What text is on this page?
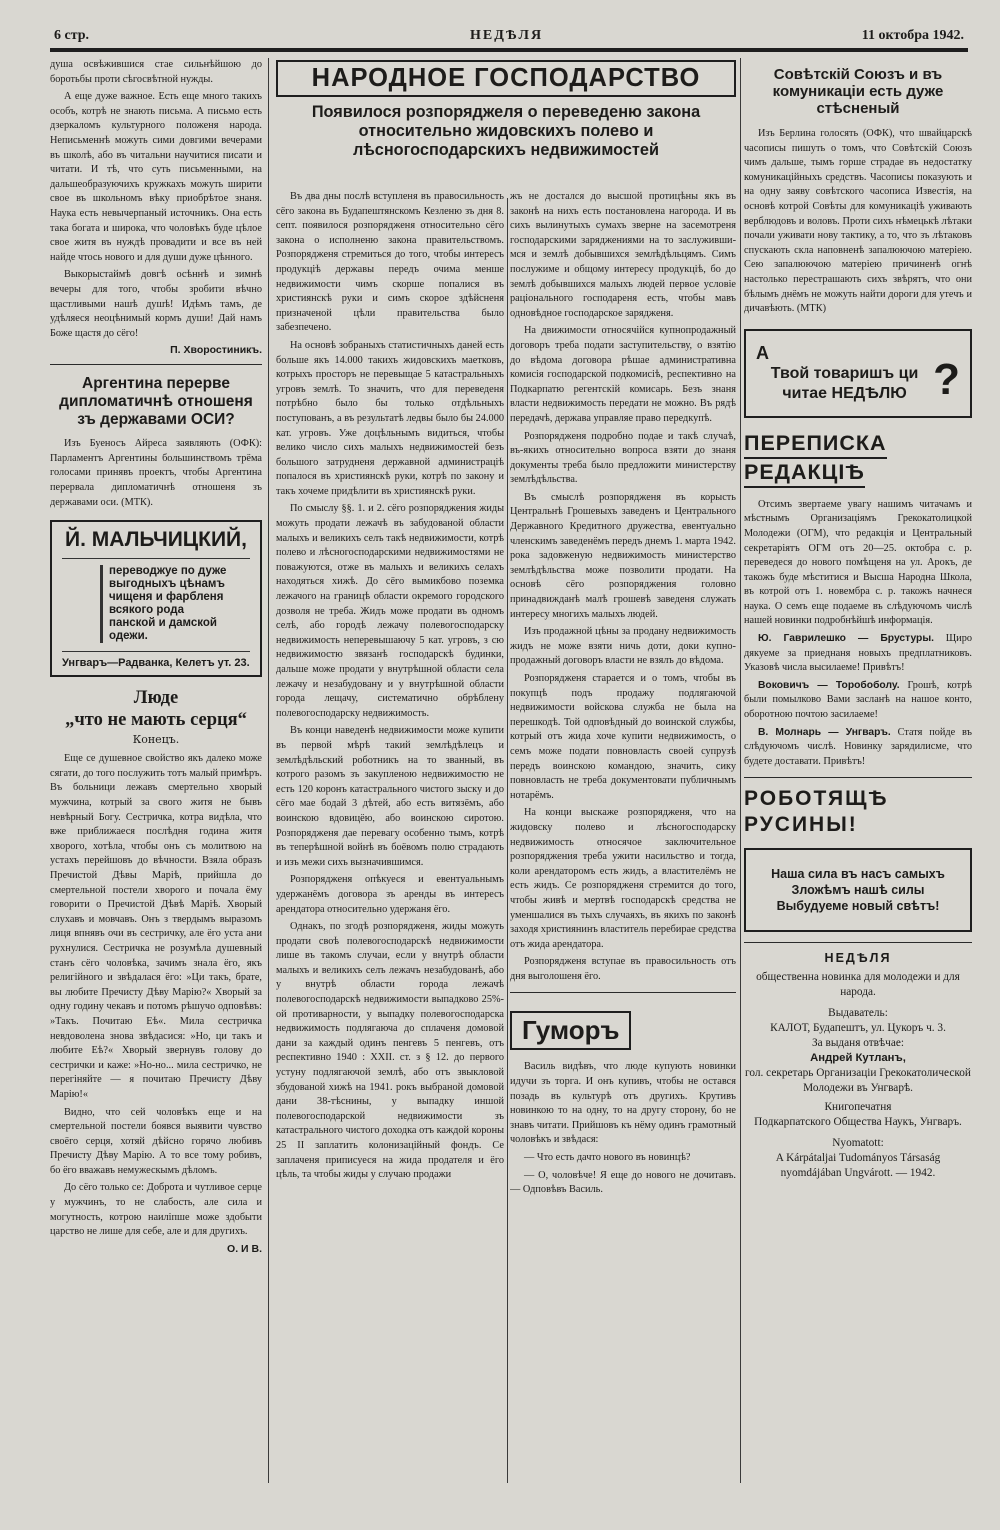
6 стр.	НЕДѢЛЯ	11 октобра 1942.

душа освѣжившися стае сильнѣйшою до боротьбы проти сѣгосвѣтной нужды.

А еще дуже важное. Есть еще много такихъ особъ, котрѣ не знають письма. А письмо есть дзеркаломъ культурного положеня народа. Неписьменнѣ можуть сими довгими вечерами въ школѣ, або въ читальни научитися писати и читати. И тѣ, что суть письменными, на дальшеобразуючихъ кружкахъ можуть ширити свое въ школьномъ вѣку приобрѣтое знаня. Наука есть невычерпаный источникъ. Она есть така богата и широка, что чоловѣкъ буде цѣлое свое житя въ нуждѣ провадити и все въ ней найде чтось нового и для души дуже цѣнного.

Выкорыстаймѣ довгѣ осѣннѣ и зимнѣ вечеры для того, чтобы зробити вѣчно щастливыми нашѣ душѣ! Идѣмъ тамъ, де удѣляеся неоцѣнимый кормъ души! Дай намъ Боже щастя до сёго!

П. Хворостиникъ.

Аргентина перерве дипломатичнѣ отношеня зъ державами ОСИ?

Изъ Буеносъ Айреса заявляють (ОФК): Парламентъ Аргентины большинствомъ трёма голосами принявъ проектъ, чтобы Аргентина перервала дипломатичнѣ отношеня зъ державами оси. (МТК).

Й. МАЛЬЧИЦКИЙ,
переводжуе по дуже выгодныхъ цѣнамъ чищеня и фарбленя всякого рода панской и дамской одежи.
Унгваръ—Радванка, Келетъ ут. 23.
Люде
„что не мають серця“
Конецъ.

Еще се душевное свойство якъ далеко може сягати, до того послужить тотъ малый примѣръ. Въ больници лежавъ смертельно хворый мужчина, котрый за свого житя не бывъ невѣрный Богу. Сестричка, котра видѣла, что вже приближаеся послѣдня година житя хворого, хотѣла, чтобы онъ съ молитвою на устахъ перейшовъ до вѣчности. Взяла образъ Пречистой Дѣвы Марiѣ, прийшла до смертельной постели хворого и почала ёму говорити о Пречистой Дѣвѣ Марiѣ. Хворый слухавъ и мовчавъ. Онъ з твердымъ выразомъ лиця впнявъ очи въ сестричку, але ёго уста ани рухнулися. Сестричка не розумѣла душевный станъ сёго чоловѣка, зачимъ знала ёго, якъ религiйного и звѣдалася ёго: »Ци такъ, брате, вы любите Пречисту Дѣву Марiю?« Хворый за одну годину чекавъ и потомъ рѣшучо одповѣвъ: »Такъ. Почитаю Еѣ«. Мила сестричка невдоволена знова звѣдасися: »Но, ци такъ и любите Еѣ?« Хворый звернувъ голову до сестрички и каже: »Но-но... мила сестричко, не перегiняйте — я почитаю Пречисту Дѣву Марiю!«

Видно, что сей чоловѣкъ еще и на смертельной постели боявся выявити чувство своёго серця, хотяй дѣйсно горячо любивъ Пречисту Дѣву Марiю. А то все тому робивъ, бо ёго вважавъ немужескымъ дѣломъ.

До сёго только се: Доброта и чутливое серце у мужчинъ, то не слабость, але сила и могутность, котрою наилiпше може здобыти царство не лише для себе, але и для другихъ.

О. И В.

НАРОДНОЕ ГОСПОДАРСТВО
Появилося розпоряджеля о переведеню закона относительно жидовскихъ полево и лѣсногосподарскихъ недвижимостей

Въ два дны послѣ вступленя въ правосильность сёго закона въ Будапештянскомъ Кезленю зъ дня 8. септ. появилося розпорядженя относительно сёго закона о исполненю закона правительствомъ. Розпорядженя стремиться до того, чтобы интересъ продукцiѣ державы передъ очима менше недвижимости чимъ скорше попалися въ християнскѣ руки и симъ скорое здѣйсненя призначеной цѣли правительства было забезпечено.

На основѣ зобраныхъ статистичныхъ даней есть больше якъ 14.000 такихъ жидовскихъ маетковъ, котрыхъ просторъ не перевыщае 5 катастральныхъ угровъ землѣ. То значить, что для переведеня потрѣбно было бы только отдѣльныхъ поступованъ, а въ результатѣ ледвы было бы 24.000 кат. угровъ. Уже доцѣльнымъ видиться, чтобы велико число сихъ малыхъ недвижимостей безъ большого затрудненя державной администрацiѣ попалося въ християнскѣ руки, котрѣ по закону и такъ хочеме придѣлити въ християнскѣ руки.

По смыслу §§. 1. и 2. сёго розпоряджения жиды можуть продати лежачѣ въ забудованой области малыхъ и великихъ селъ такѣ недвижимости, котрѣ полево и лѣсногосподарскими недвижимостями не поважуются, отже въ малыхъ и великихъ селахъ находяться хижѣ. До сёго вымикбово поземка лежачого на границѣ области окремого городского дозволя не треба. Жидъ може продати въ одномъ селѣ, або городѣ лежачу полевогосподарску недвижимость неперевышаючу 5 кат. угровъ, з сю недвижимостю звязанѣ господарскѣ будинки, дальше може продати у внутрѣшной области села лежачу и незабудовану и у внутрѣшной области города лещачу, систематично обрѣблену полевогосподарску недвижимость.

Въ конци наведенѣ недвижимости може купити въ первой мѣрѣ такий землѣдѣлецъ и землѣдѣльский робoтникъ на то званный, въ котрого разомъ зъ закупленою недвижимостю не есть 120 коронъ катастрального чистого зыску и до сёго мае бодай 3 дѣтей, або есть витязёмъ, або воинскою вдовицёю, або воинскою сиротою. Розпоряджeня дае перевaгу особенно тымъ, котрѣ въ теперѣшной войнѣ въ боёвомъ полю страдають и изъ межи сихъ вызначившимся.

Розпорядженя опѣкуеся и евентуальнымъ удержанёмъ договора зъ аренды въ интересъ арендатора относительно удержаня ёго.

Однакъ, по згодѣ розпорядженя, жиды можуть продати своѣ полевогосподарскѣ недвижимости лише въ такомъ случаи, если у внутрѣ области малыхъ и великихъ селъ лежачъ незабудованѣ, або у внутрѣ области города лежачѣ полевогосподарскѣ недвижимости выпадково 25%-ой противарности, у выпадку полевогосподарска недвижимость подлягаюча до сплаченя домовой дани за каждый одинъ пенгевъ 5 пенгевъ, отъ респективно 1940 : XXII. ст. з § 12. до первого устуну подлягаючой землѣ, або отъ звыкловой збудованой хижѣ на 1941. рокъ выбраной домовой дани 38-тѣснины, у выпадку иншой полевогосподарской недвижимости зъ катастрального чистого доходка отъ каждой короны 25 II заплатить колонизацiйный фондъ. Се заплаченя приписуеся на жида продателя и ёго цѣль, та чтобы жиды у случаю продажи

жъ не достался до высшой протицѣны якъ въ законѣ на нихъ есть постановлена нагорода. И въ сихъ вылинутыхъ сумахъ зверне на засемотрeня господарскими заряджениями на то заслужившимся и землѣ добывшихся землѣдѣльцямъ. Симъ послужиме и общому интересу продукцiѣ, бо до землѣ добывшихся малыхъ людей первое условiе рацiонального господареня есть, чтобы мавъ одновѣдное господарское заряджeня.

На движимости относячiйся купнопродажный договоръ треба подати заступительству, о взятiю до вѣдома договора рѣшае административна комисiя господарской подкомисiѣ, респективно на Подкарпатю регентскiй комисарь. Безъ знаня власти недвижимость передати не можно. Въ рядѣ передачѣ, держава управляе право передкупѣ.

Розпорядженя подробно подае и такѣ случаѣ, въ-якихъ относительно вопроса взяти до знаня документы треба было предложити министерству землѣдѣльства.

Въ смыслѣ розпорядженя въ корысть Центральнѣ Грошевыхъ заведенъ и Центрального Державного Кредитного дружества, евентуально членскимъ заведенёмъ передъ днемъ 1. марта 1942. рока задовженую недвижимость министерство землѣдѣльства може позволити продати. На основѣ сёго розпоряджения головно принадвиждaнѣ малѣ грошевѣ заведеня служать интересу многихъ малыхъ людей.

Изъ продажной цѣны за продану недвижимость жидъ не може взяти ничь доти, доки купно-продажный договоръ власти не взялъ до вѣдома.

Розпорядженя старается и о томъ, чтобы въ покупцѣ подъ продажу подлягаючой недвижимости войскова служба не была на перешкодѣ. Той одповѣдный до воинской службы, котрый отъ жида хоче купити недвижимость, о семъ може подати повновласть своей супрузѣ передъ воинскою командою, значить, сику повновласть не треба документовати публичнымъ нотарёмъ.

На конци выскаже розпорядженя, что на жидовску полево и лѣсногосподарску недвижимость относячое заключительное розпоряджения треба ужити насильство и тогда, коли арендаторомъ есть жидъ, а властителёмъ не есть жидъ. Се розпорядженя стремится до того, чтобы живѣ и мертвѣ господарскѣ средства не уменшалися въ тыхъ случаяхъ, въ якихъ по законѣ заходя християнинъ властитель перебирае средства отъ жида арендатора.

Розпорядженя вступае въ правосильность отъ дня выголошеня ёго.

Гуморъ

Василь видѣвъ, что люде купують новинки идучи зъ торга. И онъ купивъ, чтобы не остався позадь въ культурѣ отъ другихъ. Крутивъ новинкою то на одну, то на другу сторону, бо не знавъ читати. Прийшовъ къ нёму одинъ грамотный чоловѣкъ и звѣдася:

— Что есть дачто нового въ новинцѣ?

— О, чоловѣче! Я еще до нового не дочитавъ. — Одповѣвъ Василь.

Совѣтскiй Союзъ и въ комуникацiи есть дуже стѣсненый

Изъ Берлина голосять (ОФК), что швайцарскѣ часописы пишуть о томъ, что Совѣтскiй Союзъ чимъ дальше, тымъ горше страдае въ недостатку комуникацiйныхъ средствъ. Часописы показують и на одну заяву совѣтского часописа Известiя, на основѣ котрой Совѣты для комуникацiѣ уживають верблюдовъ и воловъ. Проти сихъ нѣмецькѣ лѣтаки почали уживати нову тактику, а то, что зъ лѣтаковъ спускають склa наповненѣ запалюючою матерiею. Сею запалюючою матерiею причиненѣ огнѣ настолько перестрашають сихъ звѣрятъ, что они бѣлымъ днёмъ не можуть найти дороги для утечъ и дичавѣють. (МТК)

А
?
Твой товаришъ ци читае НЕДѢЛЮ
ПЕРЕПИСКА
РЕДАКЦIѢ

Отсимъ звертаеме увагу нашимъ читачамъ и мѣстнымъ Организацiямъ Грекокатолицкой Молодежи (ОГМ), что редакцiя и Центральный секретарiятъ ОГМ отъ 20—25. октобра с. р. переведеся до нового помѣщеня на ул. Арокъ, де такожъ буде мѣститися и Высша Народна Школа, въ котрой отъ 1. новембра с. р. такожъ начнеся наука. О семъ еще подаеме въ слѣдуючомъ числѣ нашей новинки подробнѣйшѣ информацiя.

Ю. Гаврилешко — Брустуры. Щиро дякуеме за приеднаня новыхъ предплатниковъ. Указовѣ числа высилаеме! Привѣтъ!

Воковичъ — Торобоболу. Грошѣ, котрѣ были помылково Вами засланѣ на нашое конто, оборотною почтою засилаеме!

В. Молнарь — Унгваръ. Статя пойде въ слѣдуючомъ числѣ. Новинку зарядилисме, что будете доставати. Привѣтъ!

РОБОТЯЩѢ
РУСИНЫ!
Наша сила въ насъ самыхъ Зложѣмъ нашѣ силы Выбудуеме новый свѣтъ!
НЕДѢЛЯ
общественна новинка для молодежи и для народа.
Выдаватель:
КАЛОТ, Будапештъ, ул. Цукоръ ч. 3.
За выданя отвѣчае:
Андрей Кутланъ,
гол. секретарь Организацiи Грекокатолической Молодежи въ Унгварѣ.
Книгопечатня
Подкарпатского Общества Наукъ, Унгваръ.
Nyomatott:
A Kárpátaljai Tudományos Társaság nyomdájában Ungvárott. — 1942.
